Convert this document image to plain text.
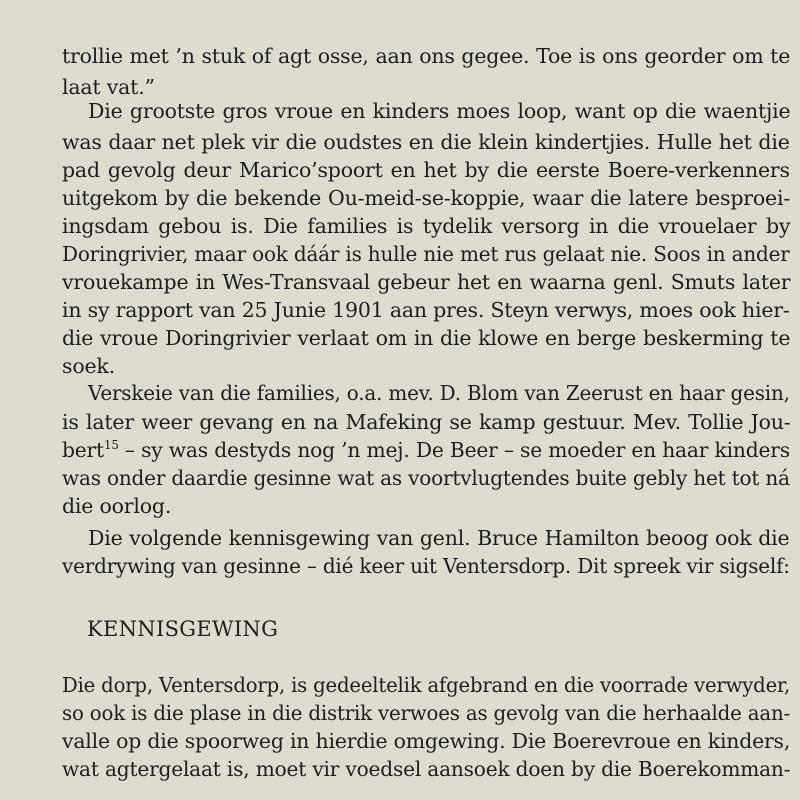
trollie met ’n stuk of agt osse, aan ons gegee. Toe is ons georder om te
laat vat.”
Die grootste gros vroue en kinders moes loop, want op die waentjie
was daar net plek vir die oudstes en die klein kindertjies. Hulle het die
pad gevolg deur Marico’spoort en het by die eerste Boere-verkenners
uitgekom by die bekende Ou-meid-se-koppie, waar die latere besproei-
ingsdam gebou is. Die families is tydelik versorg in die vrouelaer by
Doringrivier, maar ook dáár is hulle nie met rus gelaat nie. Soos in ander
vrouekampe in Wes-Transvaal gebeur het en waarna genl. Smuts later
in sy rapport van 25 Junie 1901 aan pres. Steyn verwys, moes ook hier-
die vroue Doringrivier verlaat om in die klowe en berge beskerming te
soek.
Verskeie van die families, o.a. mev. D. Blom van Zeerust en haar gesin,
is later weer gevang en na Mafeking se kamp gestuur. Mev. Tollie Jou-
bert$^{15}$ – sy was destyds nog ’n mej. De Beer – se moeder en haar kinders
was onder daardie gesinne wat as voortvlugtendes buite gebly het tot ná
die oorlog.
Die volgende kennisgewing van genl. Bruce Hamilton beoog ook die
verdrywing van gesinne – dié keer uit Ventersdorp. Dit spreek vir sigself:
KENNISGEWING
Die dorp, Ventersdorp, is gedeeltelik afgebrand en die voorrade verwyder,
so ook is die plase in die distrik verwoes as gevolg van die herhaalde aan-
valle op die spoorweg in hierdie omgewing. Die Boerevroue en kinders,
wat agtergelaat is, moet vir voedsel aansoek doen by die Boerekomman-
